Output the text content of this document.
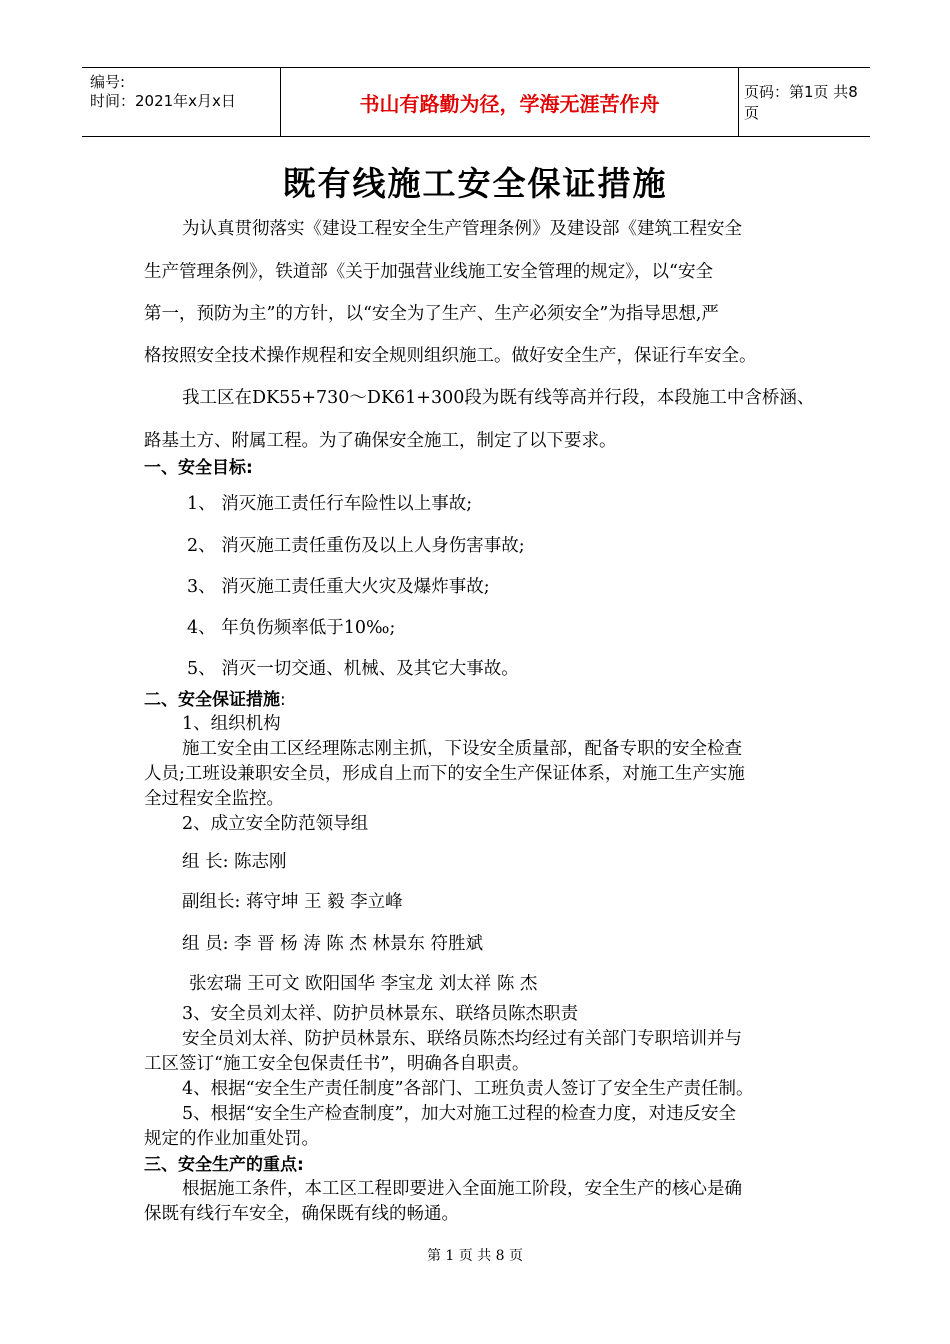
编号:
时间：2021年x月x日	书山有路勤为径，学海无涯苦作舟	页码：第1页 共8页
既有线施工安全保证措施
为认真贯彻落实《建设工程安全生产管理条例》及建设部《建筑工程安全
生产管理条例》，铁道部《关于加强营业线施工安全管理的规定》，以“安全
第一，预防为主”的方针，以“安全为了生产、生产必须安全”为指导思想,严
格按照安全技术操作规程和安全规则组织施工。做好安全生产，保证行车安全。
我工区在DK55+730～DK61+300段为既有线等高并行段，本段施工中含桥涵、
路基土方、附属工程。为了确保安全施工，制定了以下要求。
一、安全目标:
1、 消灭施工责任行车险性以上事故;
2、 消灭施工责任重伤及以上人身伤害事故;
3、 消灭施工责任重大火灾及爆炸事故;
4、 年负伤频率低于10‰;
5、 消灭一切交通、机械、及其它大事故。
二、安全保证措施:
1、组织机构
施工安全由工区经理陈志刚主抓，下设安全质量部，配备专职的安全检查
人员;工班设兼职安全员，形成自上而下的安全生产保证体系，对施工生产实施
全过程安全监控。
2、成立安全防范领导组
组 长: 陈志刚
副组长: 蒋守坤 王 毅 李立峰
组 员: 李 晋 杨 涛 陈 杰 林景东 符胜斌
张宏瑞 王可文 欧阳国华 李宝龙 刘太祥 陈 杰
3、安全员刘太祥、防护员林景东、联络员陈杰职责
安全员刘太祥、防护员林景东、联络员陈杰均经过有关部门专职培训并与
工区签订“施工安全包保责任书”，明确各自职责。
4、根据“安全生产责任制度”各部门、工班负责人签订了安全生产责任制。
5、根据“安全生产检查制度”，加大对施工过程的检查力度，对违反安全
规定的作业加重处罚。
三、安全生产的重点:
根据施工条件，本工区工程即要进入全面施工阶段，安全生产的核心是确
保既有线行车安全，确保既有线的畅通。
第 1 页 共 8 页
